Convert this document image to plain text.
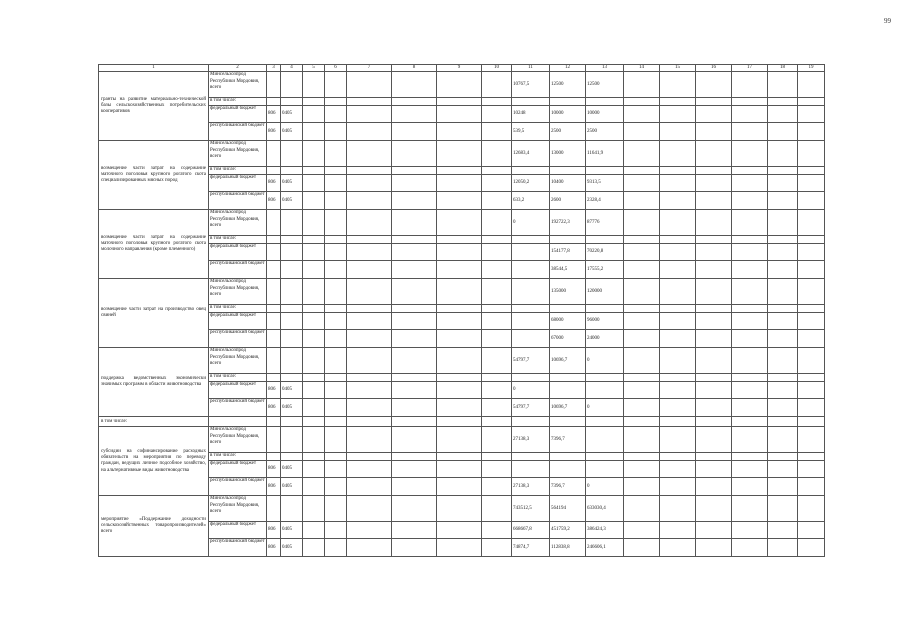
99
1	2	3	4	5	6	7	8	9	10	11	12	13	14	15	16	17	18	19
гранты на развитие материально-технической базы сельскохозяйственных потребительских кооперативов	Минсельхозпрод Республики Мордовия, всего									10767,5	12500	12500						
	в том числе:																	
	федеральный бюджет	806	0405							10248	10000	10000						
	республиканский бюджет	806	0405							539,5	2500	2500						
возмещение части затрат на содержание маточного поголовья крупного рогатого скота специализированных мясных пород	Минсельхозпрод Республики Мордовия, всего									12683,4	13000	11641,9						
	в том числе:																	
	федеральный бюджет	806	0405							12050,2	10400	9313,5						
	республиканский бюджет	806	0405							633,2	2600	2328,4						
возмещение части затрат на содержание маточного поголовья крупного рогатого скота молочного направления (кроме племенного)	Минсельхозпрод Республики Мордовия, всего									0	192722,3	87776						
	в том числе:																	
	федеральный бюджет										154177,8	70220,8						
	республиканский бюджет										38544,5	17555,2						
возмещение части затрат на производство овец свиней	Минсельхозпрод Республики Мордовия, всего										135000	120000						
	в том числе:																	
	федеральный бюджет										68000	96000						
	республиканский бюджет										67000	24000						
поддержка ведомственных экономически значимых программ в области животноводства	Минсельхозпрод Республики Мордовия, всего									54797,7	10696,7	0						
	в том числе:																	
	федеральный бюджет	806	0405							0								
	республиканский бюджет	806	0405							54797,7	10696,7	0						
в том числе:																		
субсидии на софинансирование расходных обязательств на мероприятия по переводу граждан, ведущих личное подсобное хозяйство, на альтернативные виды животноводства	Минсельхозпрод Республики Мордовия, всего									27138,3	7396,7							
	в том числе:																	
	федеральный бюджет	806	0405															
	республиканский бюджет	806	0405							27138,3	7396,7	0						
мероприятие «Поддержание доходности сельскохозяйственных товаропроизводителей» всего	Минсельхозпрод Республики Мордовия, всего									743512,5	564194	633030,4						
	федеральный бюджет	806	0405							668667,8	451759,2	386424,3						
	республиканский бюджет	806	0405							74874,7	112838,8	246606,1						
